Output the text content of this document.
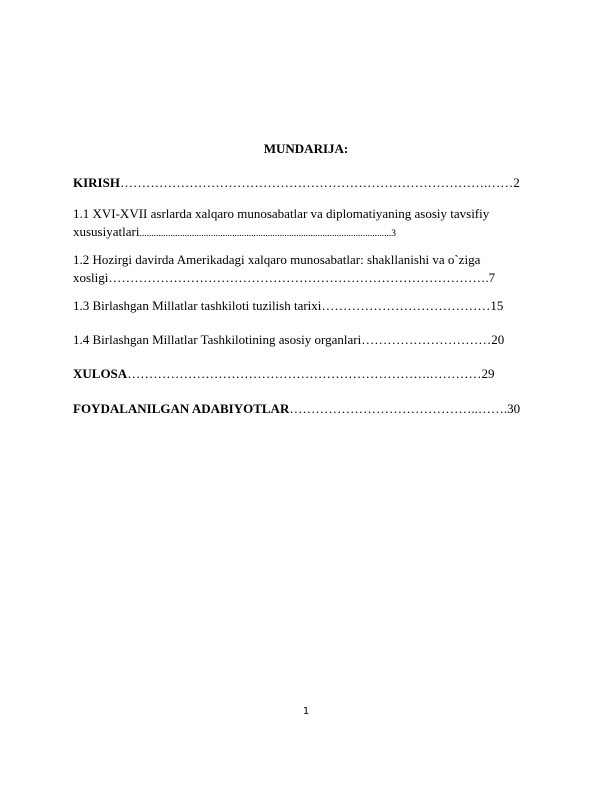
MUNDARIJA:
KIRISH………………………………………………………………………….……2
1.1 XVI-XVII asrlarda xalqaro munosabatlar va diplomatiyaning asosiy tavsifiy
xususiyatlari..........................................................................................................3
1.2 Hozirgi davirda Amerikadagi xalqaro munosabatlar: shakllanishi va o`ziga
xosligi…………………………………………………………………………….7
1.3 Birlashgan Millatlar tashkiloti tuzilish tarixi…………………………………15
1.4 Birlashgan Millatlar Tashkilotining asosiy organlari…………………………20
XULOSA…………………………………………………………….…………29
FOYDALANILGAN ADABIYOTLAR……………………………………..…….30
1
